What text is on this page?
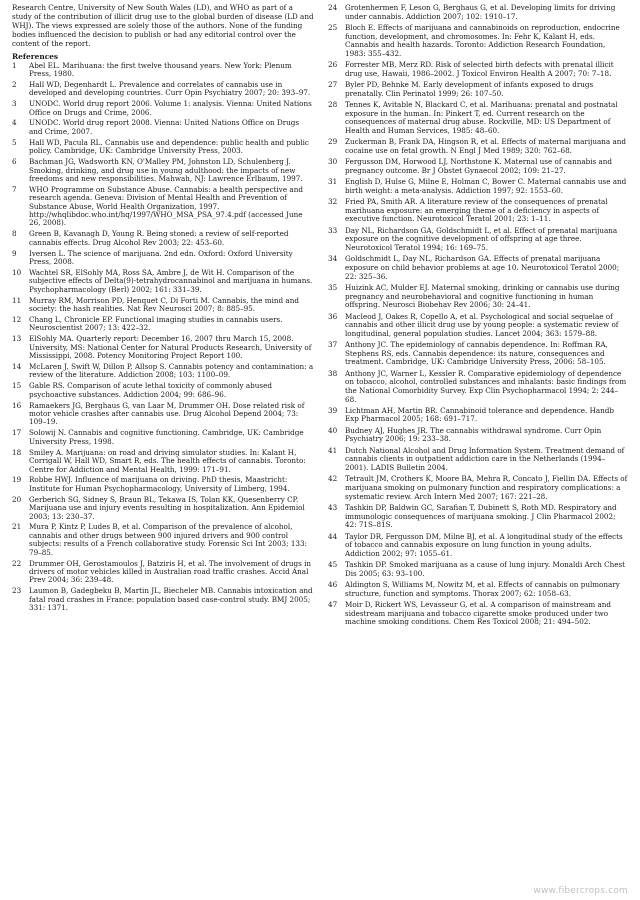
Research Centre, University of New South Wales (LD), and WHO as part of a study of the contribution of illicit drug use to the global burden of disease (LD and WHJ). The views expressed are solely those of the authors. None of the funding bodies influenced the decision to publish or had any editorial control over the content of the report.

References
1	Abel EL. Marihuana: the first twelve thousand years. New York: Plenum Press, 1980.
2	Hall WD, Degenhardt L. Prevalence and correlates of cannabis use in developed and developing countries. Curr Opin Psychiatry 2007; 20: 393–97.
3	UNODC. World drug report 2006. Volume 1: analysis. Vienna: United Nations Office on Drugs and Crime, 2006.
4	UNODC. World drug report 2008. Vienna: United Nations Office on Drugs and Crime, 2007.
5	Hall WD, Pacula RL. Cannabis use and dependence: public health and public policy. Cambridge, UK: Cambridge University Press, 2003.
6	Bachman JG, Wadsworth KN, O'Malley PM, Johnston LD, Schulenberg J. Smoking, drinking, and drug use in young adulthood: the impacts of new freedoms and new responsibilities. Mahwah, NJ: Lawrence Erlbaum, 1997.
7	WHO Programme on Substance Abuse. Cannabis: a health perspective and research agenda. Geneva: Division of Mental Health and Prevention of Substance Abuse, World Health Organization, 1997. http://whqlibdoc.who.int/hq/1997/WHO_MSA_PSA_97.4.pdf (accessed June 26, 2008).
8	Green B, Kavanagh D, Young R. Being stoned: a review of self-reported cannabis effects. Drug Alcohol Rev 2003; 22: 453–60.
9	Iversen L. The science of marijuana. 2nd edn. Oxford: Oxford University Press, 2008.
10	Wachtel SR, ElSohly MA, Ross SA, Ambre J, de Wit H. Comparison of the subjective effects of Delta(9)-tetrahydrocannabinol and marijuana in humans. Psychopharmacology (Berl) 2002; 161: 331–39.
11	Murray RM, Morrison PD, Henquet C, Di Forti M. Cannabis, the mind and society: the hash realities. Nat Rev Neurosci 2007; 8: 885–95.
12	Chang L, Chronicle EP. Functional imaging studies in cannabis users. Neuroscientist 2007; 13: 422–32.
13	ElSohly MA. Quarterly report: December 16, 2007 thru March 15, 2008. University, MS: National Center for Natural Products Research, University of Mississippi, 2008. Potency Monitoring Project Report 100.
14	McLaren J, Swift W, Dillon P, Allsop S. Cannabis potency and contamination: a review of the literature. Addiction 2008; 103: 1100–09.
15	Gable RS. Comparison of acute lethal toxicity of commonly abused psychoactive substances. Addiction 2004; 99: 686–96.
16	Ramaekers JG, Berghaus G, van Laar M, Drummer OH. Dose related risk of motor vehicle crashes after cannabis use. Drug Alcohol Depend 2004; 73: 109–19.
17	Solowij N. Cannabis and cognitive functioning. Cambridge, UK: Cambridge University Press, 1998.
18	Smiley A. Marijuana: on road and driving simulator studies. In: Kalant H, Corrigall W, Hall WD, Smart R, eds. The health effects of cannabis. Toronto: Centre for Addiction and Mental Health, 1999: 171–91.
19	Robbe HWJ. Influence of marijuana on driving. PhD thesis, Maastricht: Institute for Human Psychopharmacology, University of Limberg, 1994.
20	Gerberich SG, Sidney S, Braun BL, Tekawa IS, Tolan KK, Quesenberry CP. Marijuana use and injury events resulting in hospitalization. Ann Epidemiol 2003; 13: 230–37.
21	Mura P, Kintz P, Ludes B, et al. Comparison of the prevalence of alcohol, cannabis and other drugs between 900 injured drivers and 900 control subjects: results of a French collaborative study. Forensic Sci Int 2003; 133: 79–85.
22	Drummer OH, Gerostamoulos J, Batziris H, et al. The involvement of drugs in drivers of motor vehicles killed in Australian road traffic crashes. Accid Anal Prev 2004; 36: 239–48.
23	Laumon B, Gadegbeku B, Martin JL, Biecheler MB. Cannabis intoxication and fatal road crashes in France: population based case-control study. BMJ 2005; 331: 1371.
24	Grotenhermen F, Leson G, Berghaus G, et al. Developing limits for driving under cannabis. Addiction 2007; 102: 1910–17.
25	Bloch E. Effects of marijuana and cannabinoids on reproduction, endocrine function, development, and chromosomes. In: Fehr K, Kalant H, eds. Cannabis and health hazards. Toronto: Addiction Research Foundation, 1983: 355–432.
26	Forrester MB, Merz RD. Risk of selected birth defects with prenatal illicit drug use, Hawaii, 1986–2002. J Toxicol Environ Health A 2007; 70: 7–18.
27	Byler PD, Behnke M. Early development of infants exposed to drugs prenatally. Clin Perinatol 1999; 26: 107–50.
28	Tennes K, Avitable N, Blackard C, et al. Marihuana: prenatal and postnatal exposure in the human. In: Pinkert T, ed. Current research on the consequences of maternal drug abuse. Rockville, MD: US Department of Health and Human Services, 1985: 48–60.
29	Zuckerman B, Frank DA, Hingson R, et al. Effects of maternal marijuana and cocaine use on fetal growth. N Engl J Med 1989; 320: 762–68.
30	Fergusson DM, Horwood LJ, Northstone K. Maternal use of cannabis and pregnancy outcome. Br J Obstet Gynaecol 2002; 109: 21–27.
31	English D, Hulse G, Milne E, Holman C, Bower C. Maternal cannabis use and birth weight: a meta-analysis. Addiction 1997; 92: 1553–60.
32	Fried PA, Smith AR. A literature review of the consequences of prenatal marihuana exposure: an emerging theme of a deficiency in aspects of executive function. Neurotoxicol Teratol 2001; 23: 1–11.
33	Day NL, Richardson GA, Goldschmidt L, et al. Effect of prenatal marijuana exposure on the cognitive development of offspring at age three. Neurotoxicol Teratol 1994; 16: 169–75.
34	Goldschmidt L, Day NL, Richardson GA. Effects of prenatal marijuana exposure on child behavior problems at age 10. Neurotoxicol Teratol 2000; 22: 325–36.
35	Huizink AC, Mulder EJ. Maternal smoking, drinking or cannabis use during pregnancy and neurobehavioral and cognitive functioning in human offspring. Neurosci Biobehav Rev 2006; 30: 24–41.
36	Macleod J, Oakes R, Copello A, et al. Psychological and social sequelae of cannabis and other illicit drug use by young people: a systematic review of longitudinal, general population studies. Lancet 2004; 363: 1579–88.
37	Anthony JC. The epidemiology of cannabis dependence. In: Roffman RA, Stephens RS, eds. Cannabis dependence: its nature, consequences and treatment. Cambridge, UK: Cambridge University Press, 2006: 58–105.
38	Anthony JC, Warner L, Kessler R. Comparative epidemiology of dependence on tobacco, alcohol, controlled substances and inhalants: basic findings from the National Comorbidity Survey. Exp Clin Psychopharmacol 1994; 2: 244–68.
39	Lichtman AH, Martin BR. Cannabinoid tolerance and dependence. Handb Exp Pharmacol 2005; 168: 691–717.
40	Budney AJ, Hughes JR. The cannabis withdrawal syndrome. Curr Opin Psychiatry 2006; 19: 233–38.
41	Dutch National Alcohol and Drug Information System. Treatment demand of cannabis clients in outpatient addiction care in the Netherlands (1994–2001). LADIS Bulletin 2004.
42	Tetrault JM, Crothers K, Moore BA, Mehra R, Concato J, Fiellin DA. Effects of marijuana smoking on pulmonary function and respiratory complications: a systematic review. Arch Intern Med 2007; 167: 221–28.
43	Tashkin DP, Baldwin GC, Sarafian T, Dubinett S, Roth MD. Respiratory and immunologic consequences of marijuana smoking. J Clin Pharmacol 2002; 42: 71S–81S.
44	Taylor DR, Fergusson DM, Milne BJ, et al. A longitudinal study of the effects of tobacco and cannabis exposure on lung function in young adults. Addiction 2002; 97: 1055–61.
45	Tashkin DP. Smoked marijuana as a cause of lung injury. Monaldi Arch Chest Dis 2005; 63: 93–100.
46	Aldington S, Williams M, Nowitz M, et al. Effects of cannabis on pulmonary structure, function and symptoms. Thorax 2007; 62: 1058–63.
47	Moir D, Rickert WS, Levasseur G, et al. A comparison of mainstream and sidestream marijuana and tobacco cigarette smoke produced under two machine smoking conditions. Chem Res Toxicol 2008; 21: 494–502.
www.fibercrops.com
